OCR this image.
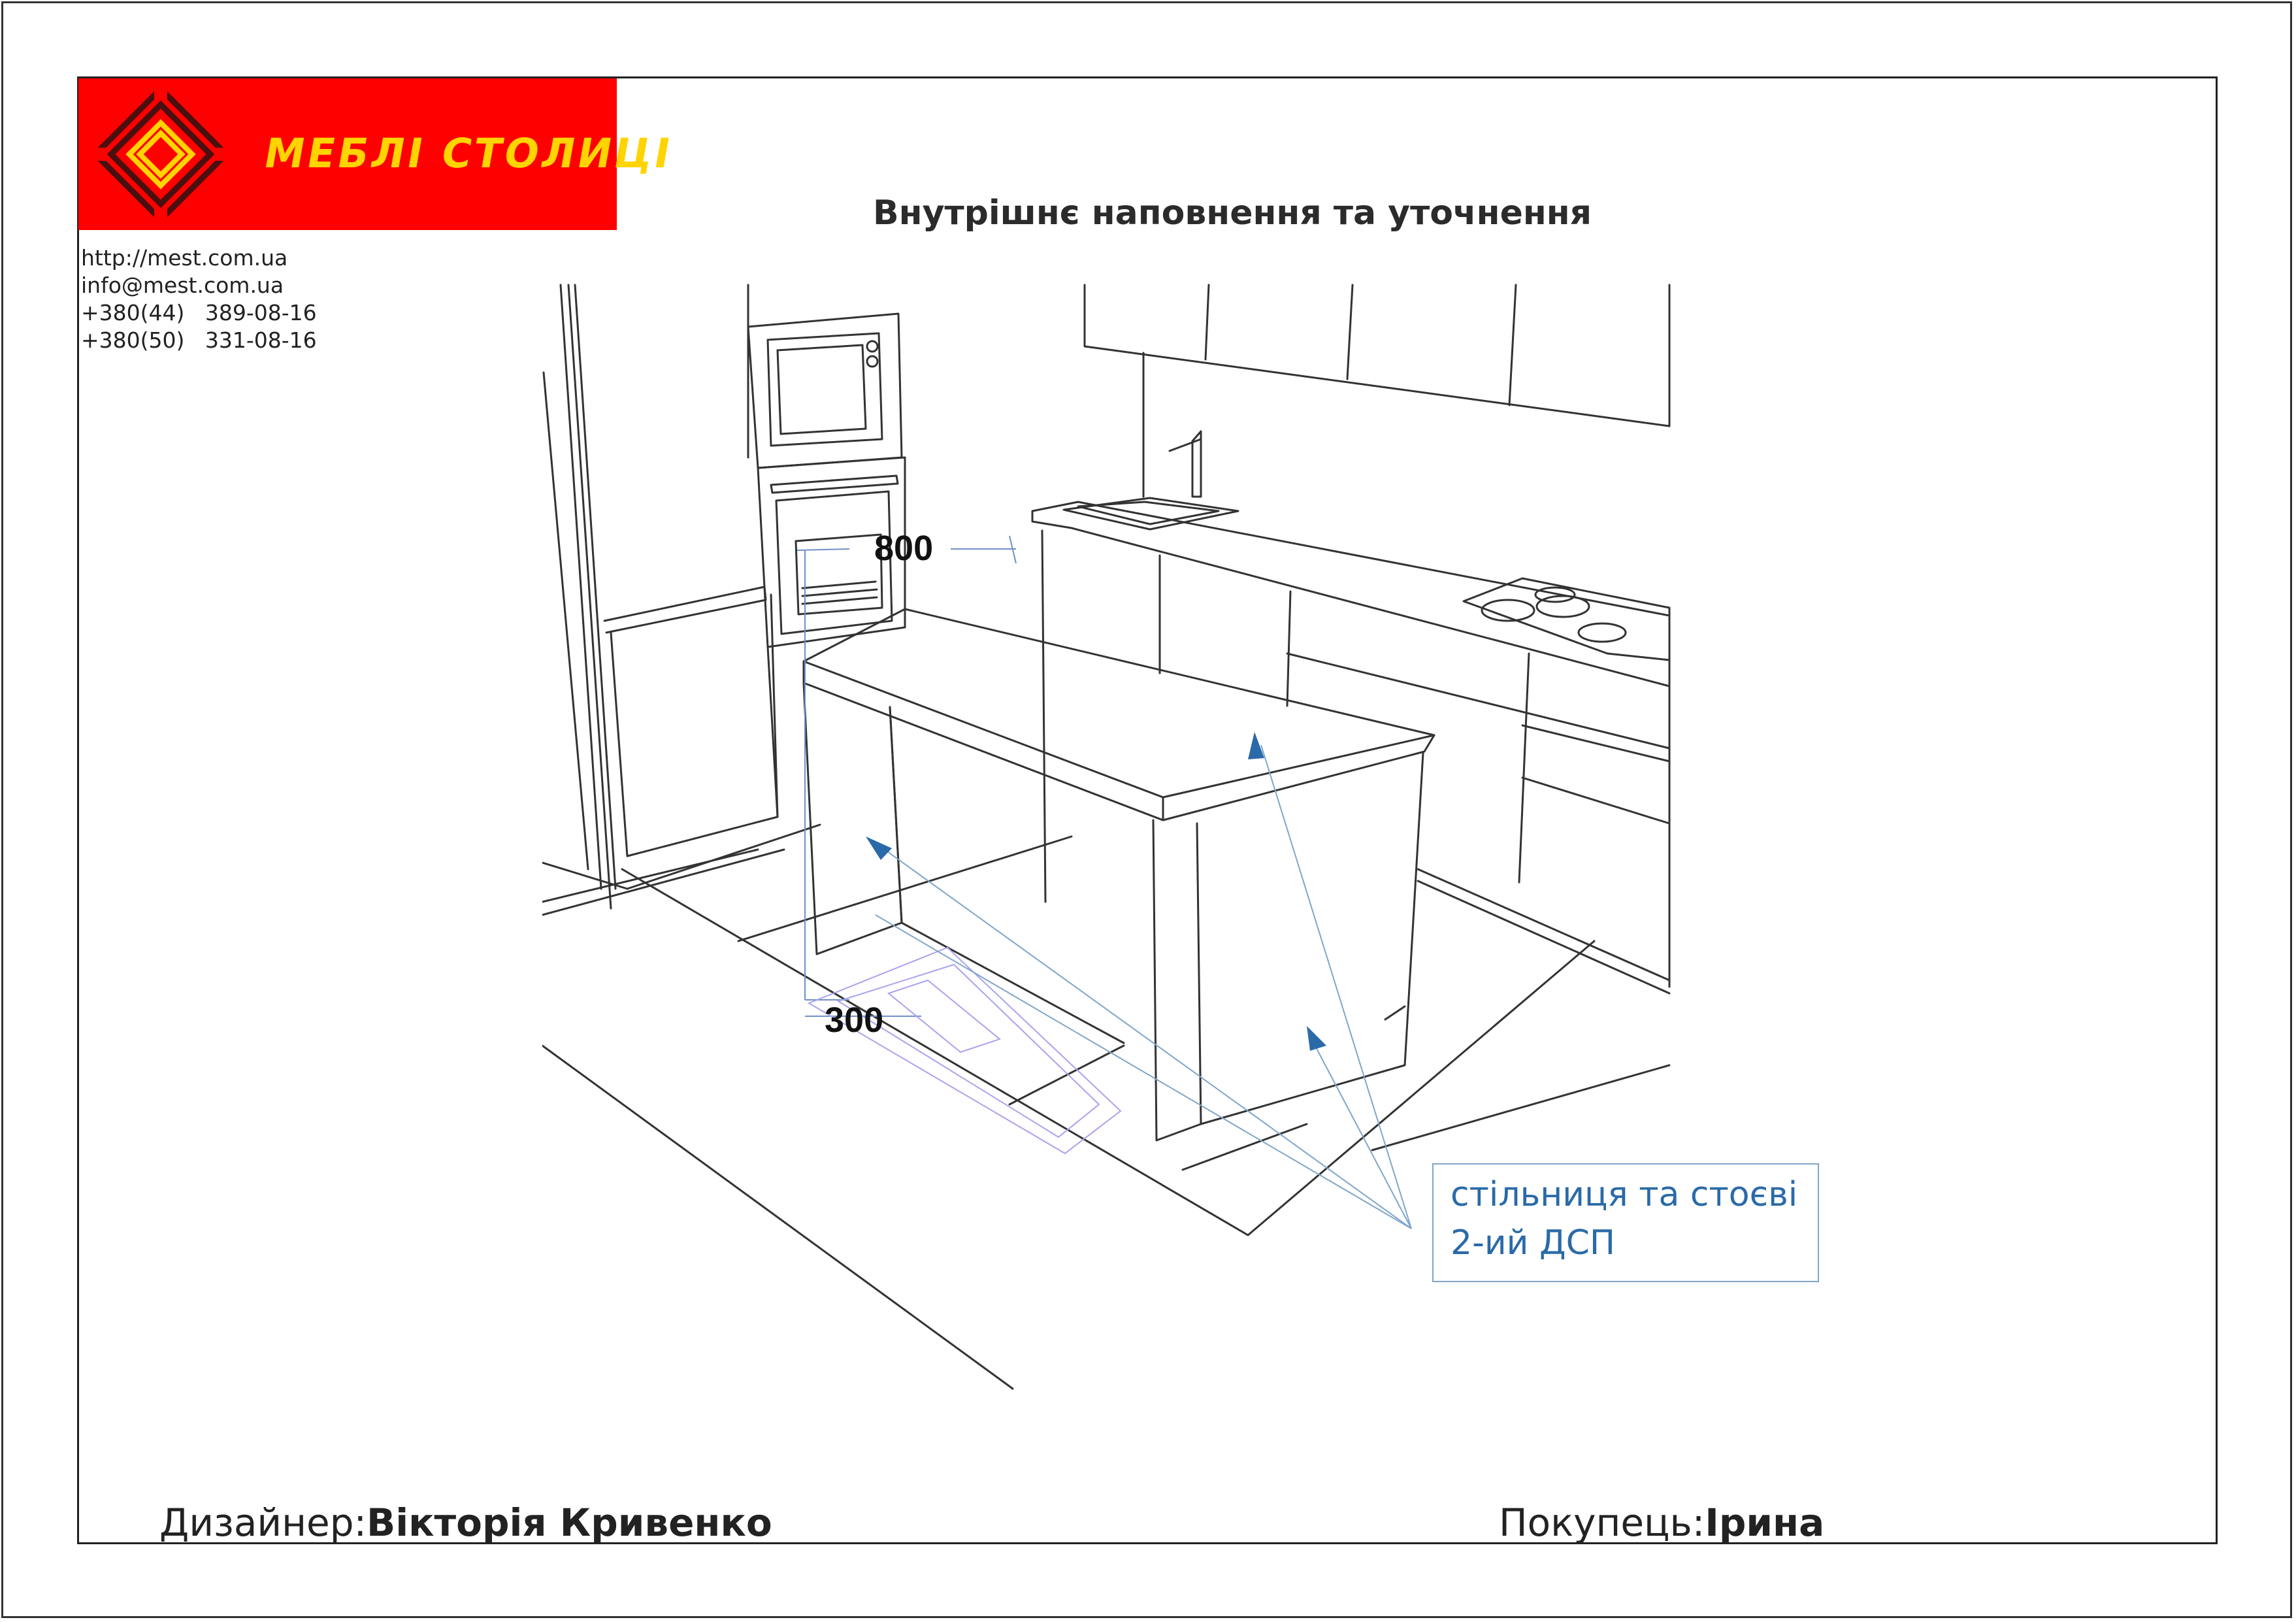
МЕБЛІ СТОЛИЦІ
http://mest.com.ua
info@mest.com.ua
+380(44)   389-08-16
+380(50)   331-08-16
Внутрішнє наповнення та уточнення
800
300
стільниця та стоєві
2-ий ДСП
Дизайнер:Вікторія Кривенко	Покупець:Ірина
